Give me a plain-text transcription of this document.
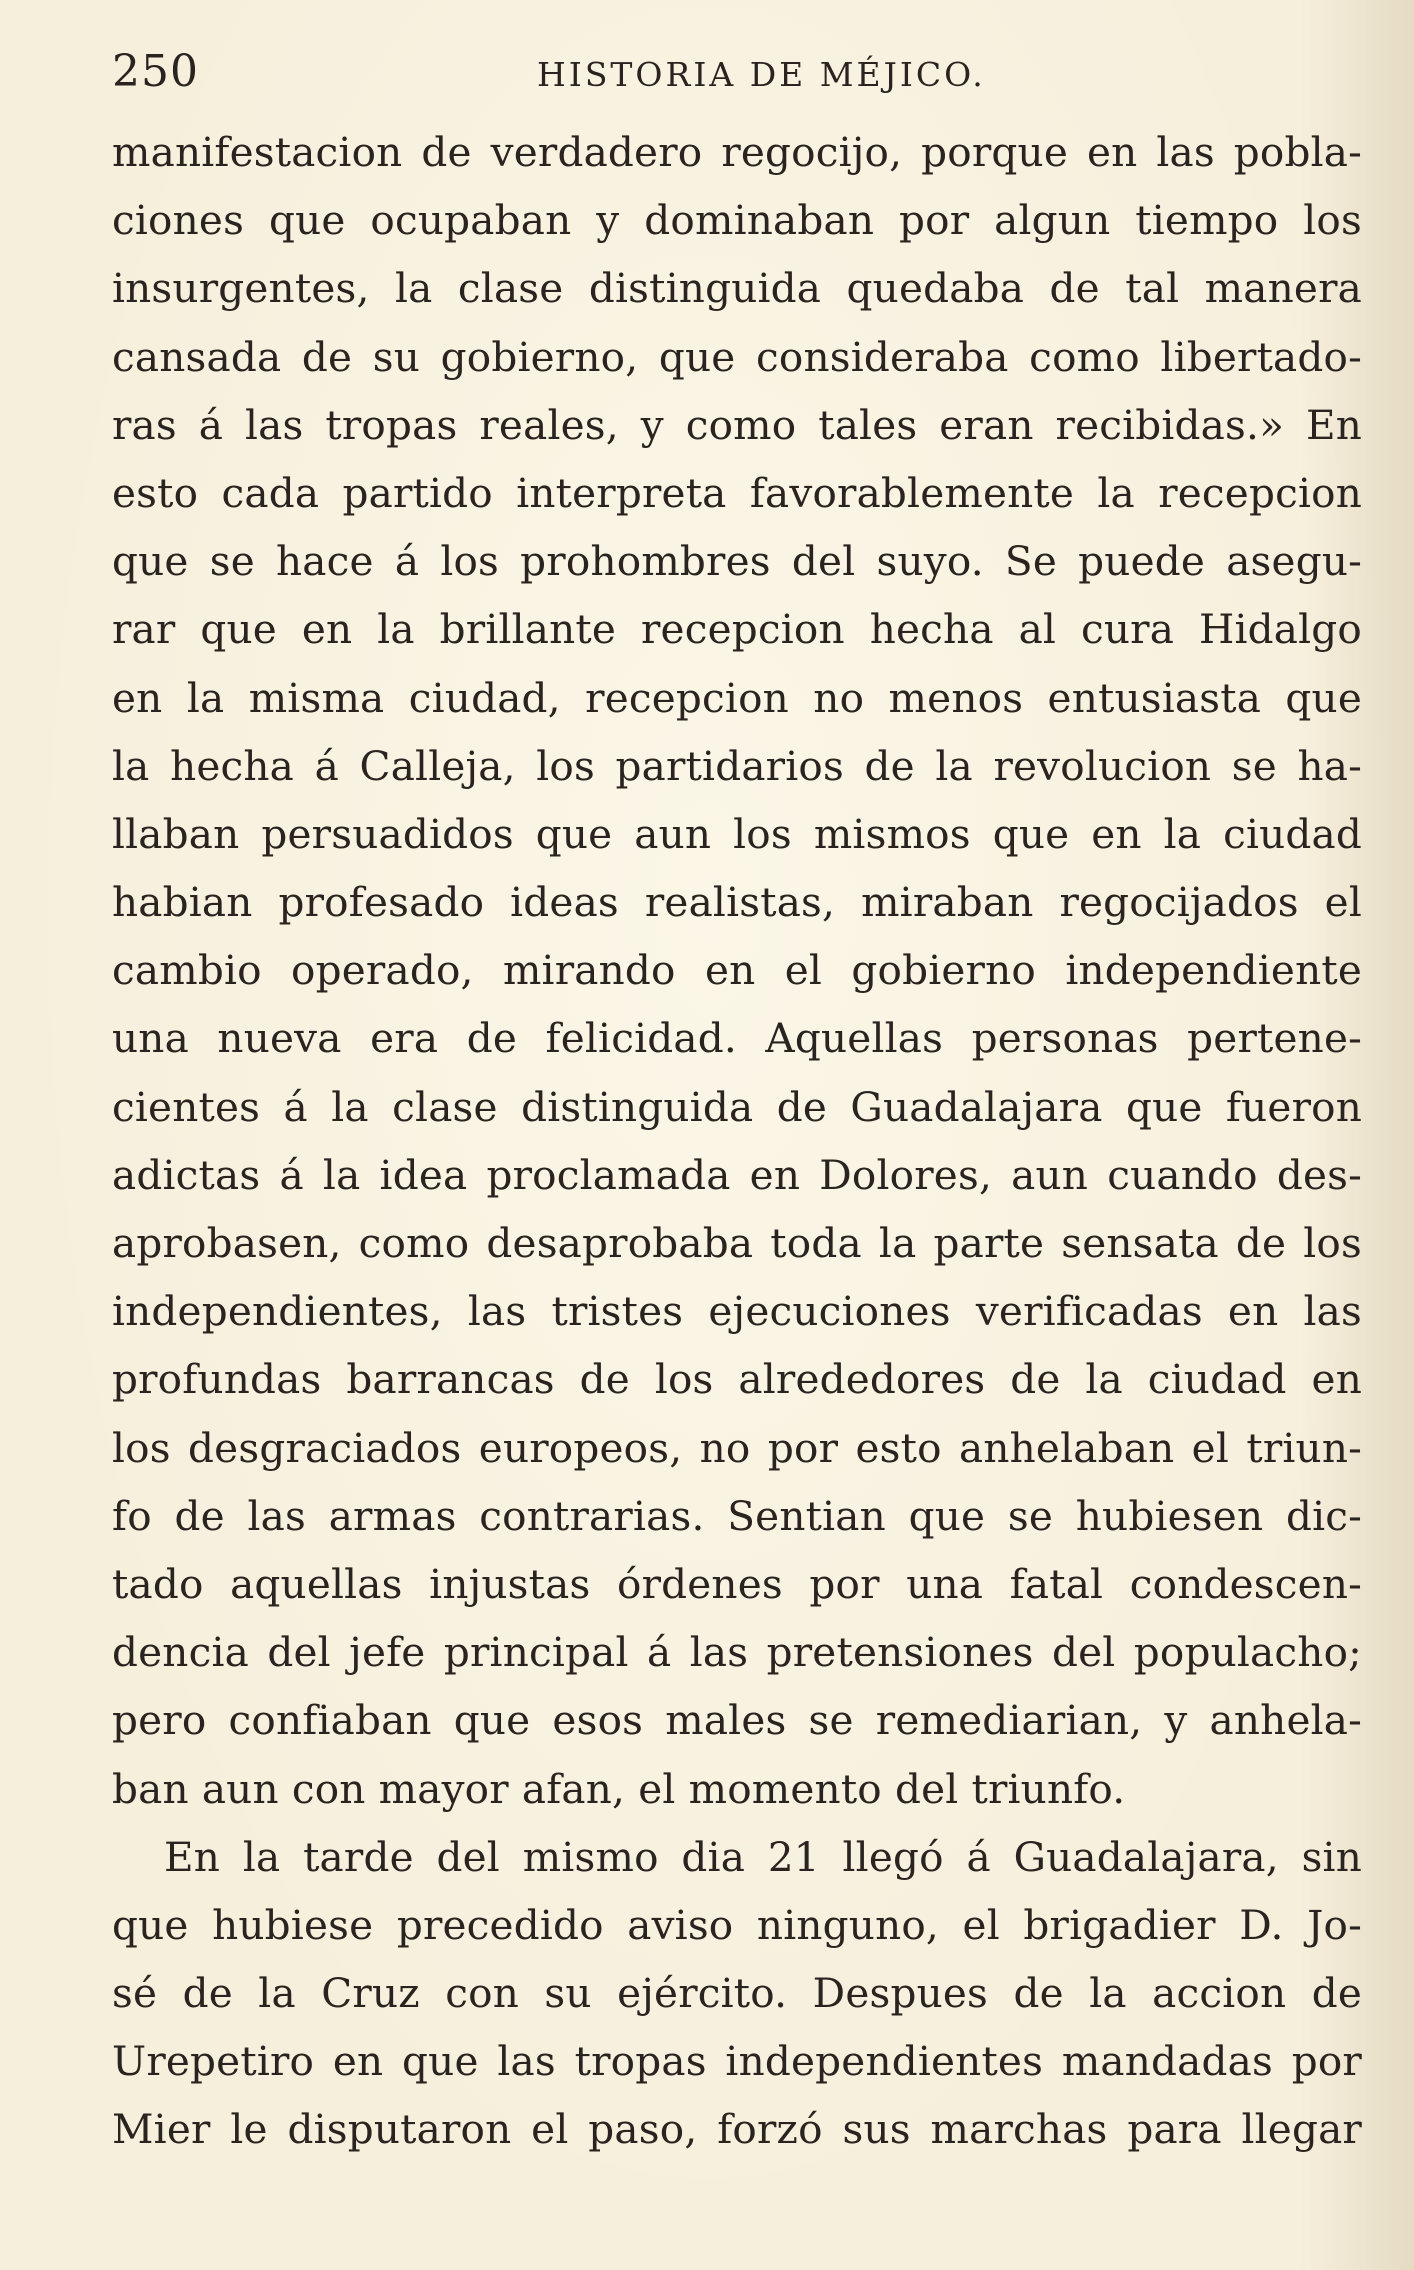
250	HISTORIA DE MÉJICO.
manifestacion de verdadero regocijo, porque en las pobla-
ciones que ocupaban y dominaban por algun tiempo los
insurgentes, la clase distinguida quedaba de tal manera
cansada de su gobierno, que consideraba como libertado-
ras á las tropas reales, y como tales eran recibidas.» En
esto cada partido interpreta favorablemente la recepcion
que se hace á los prohombres del suyo. Se puede asegu-
rar que en la brillante recepcion hecha al cura Hidalgo
en la misma ciudad, recepcion no menos entusiasta que
la hecha á Calleja, los partidarios de la revolucion se ha-
llaban persuadidos que aun los mismos que en la ciudad
habian profesado ideas realistas, miraban regocijados el
cambio operado, mirando en el gobierno independiente
una nueva era de felicidad. Aquellas personas pertene-
cientes á la clase distinguida de Guadalajara que fueron
adictas á la idea proclamada en Dolores, aun cuando des-
aprobasen, como desaprobaba toda la parte sensata de los
independientes, las tristes ejecuciones verificadas en las
profundas barrancas de los alrededores de la ciudad en
los desgraciados europeos, no por esto anhelaban el triun-
fo de las armas contrarias. Sentian que se hubiesen dic-
tado aquellas injustas órdenes por una fatal condescen-
dencia del jefe principal á las pretensiones del populacho;
pero confiaban que esos males se remediarian, y anhela-
ban aun con mayor afan, el momento del triunfo.
En la tarde del mismo dia 21 llegó á Guadalajara, sin
que hubiese precedido aviso ninguno, el brigadier D. Jo-
sé de la Cruz con su ejército. Despues de la accion de
Urepetiro en que las tropas independientes mandadas por
Mier le disputaron el paso, forzó sus marchas para llegar
